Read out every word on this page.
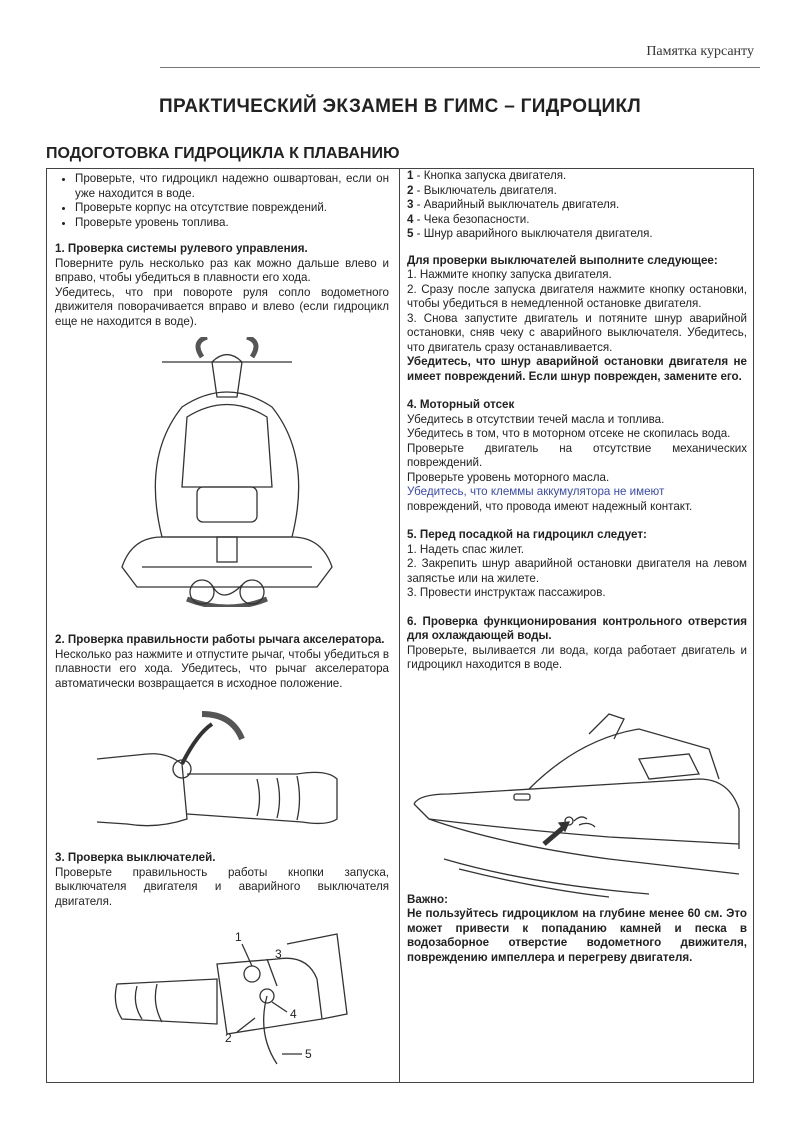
Памятка курсанту
ПРАКТИЧЕСКИЙ ЭКЗАМЕН В ГИМС – ГИДРОЦИКЛ
ПОДОГОТОВКА ГИДРОЦИКЛА К ПЛАВАНИЮ
• Проверьте, что гидроцикл надежно ошвартован, если он уже находится в воде.
• Проверьте корпус на отсутствие повреждений.
• Проверьте уровень топлива.

1. Проверка системы рулевого управления.

Поверните руль несколько раз как можно дальше влево и вправо, чтобы убедиться в плавности его хода.

Убедитесь, что при повороте руля сопло водометного движителя поворачивается вправо и влево (если гидроцикл еще не находится в воде).

2. Проверка правильности работы рычага акселератора.

Несколько раз нажмите и отпустите рычаг, чтобы убедиться в плавности его хода. Убедитесь, что рычаг акселератора автоматически возвращается в исходное положение.

3. Проверка выключателей.

Проверьте правильность работы кнопки запуска, выключателя двигателя и аварийного выключателя двигателя.

1
2
3
4
5

1 - Кнопка запуска двигателя.

2 - Выключатель двигателя.

3 - Аварийный выключатель двигателя.

4 - Чека безопасности.

5 - Шнур аварийного выключателя двигателя.

Для проверки выключателей выполните следующее:

1. Нажмите кнопку запуска двигателя.

2. Сразу после запуска двигателя нажмите кнопку остановки, чтобы убедиться в немедленной остановке двигателя.

3. Снова запустите двигатель и потяните шнур аварийной остановки, сняв чеку с аварийного выключателя. Убедитесь, что двигатель сразу останавливается.

Убедитесь, что шнур аварийной остановки двигателя не имеет повреждений. Если шнур поврежден, замените его.

4. Моторный отсек

Убедитесь в отсутствии течей масла и топлива.

Убедитесь в том, что в моторном отсеке не скопилась вода.

Проверьте двигатель на отсутствие механических повреждений.

Проверьте уровень моторного масла.

Убедитесь, что клеммы аккумулятора не имеют

повреждений, что провода имеют надежный контакт.

5. Перед посадкой на гидроцикл следует:

1. Надеть спас жилет.

2. Закрепить шнур аварийной остановки двигателя на левом запястье или на жилете.

3. Провести инструктаж пассажиров.

6. Проверка функционирования контрольного отверстия для охлаждающей воды.

Проверьте, выливается ли вода, когда работает двигатель и гидроцикл находится в воде.

Важно:

Не пользуйтесь гидроциклом на глубине менее 60 см. Это может привести к попаданию камней и песка в водозаборное отверстие водометного движителя, повреждению импеллера и перегреву двигателя.
